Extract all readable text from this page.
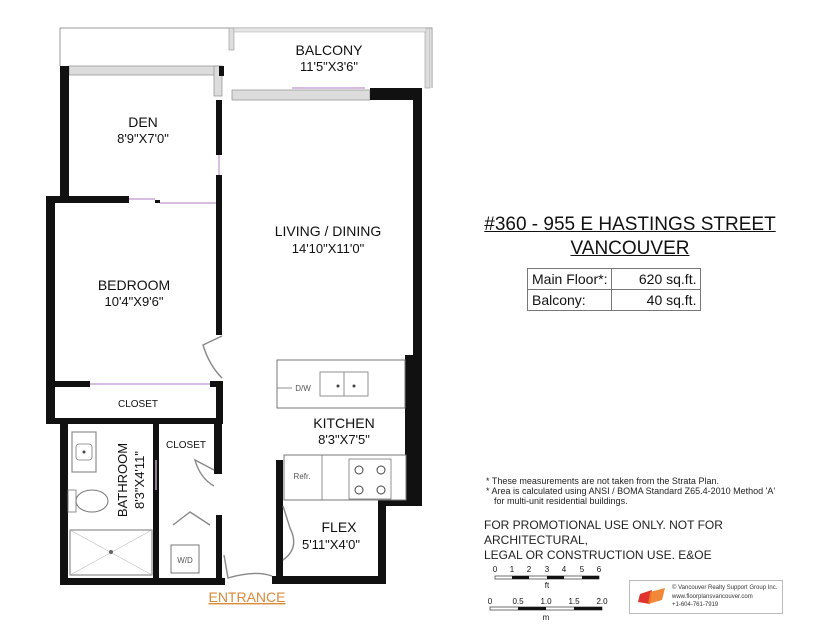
BALCONY
11'5"X3'6"
DEN
8'9"X7'0"
LIVING / DINING
14'10"X11'0"
BEDROOM
10'4"X9'6"
CLOSET
CLOSET
BATHROOM 8'3"X4'11"
KITCHEN
8'3"X7'5"
FLEX
5'11"X4'0"
ENTRANCE
D/W
Refr.
W/D
0 1 2 3 4 5 6
ft
0	0.5 1.0 1.5 2.0
m
#360 - 955 E HASTINGS STREET
VANCOUVER
Main Floor*:	620 sq.ft.
Balcony:	40 sq.ft.
* These measurements are not taken from the Strata Plan.
* Area is calculated using ANSI / BOMA Standard Z65.4-2010 Method 'A'
for multi-unit residential buildings.
FOR PROMOTIONAL USE ONLY. NOT FOR ARCHITECTURAL,
LEGAL OR CONSTRUCTION USE. E&OE
© Vancouver Realty Support Group Inc.
www.floorplansvancouver.com
+1-604-761-7919
